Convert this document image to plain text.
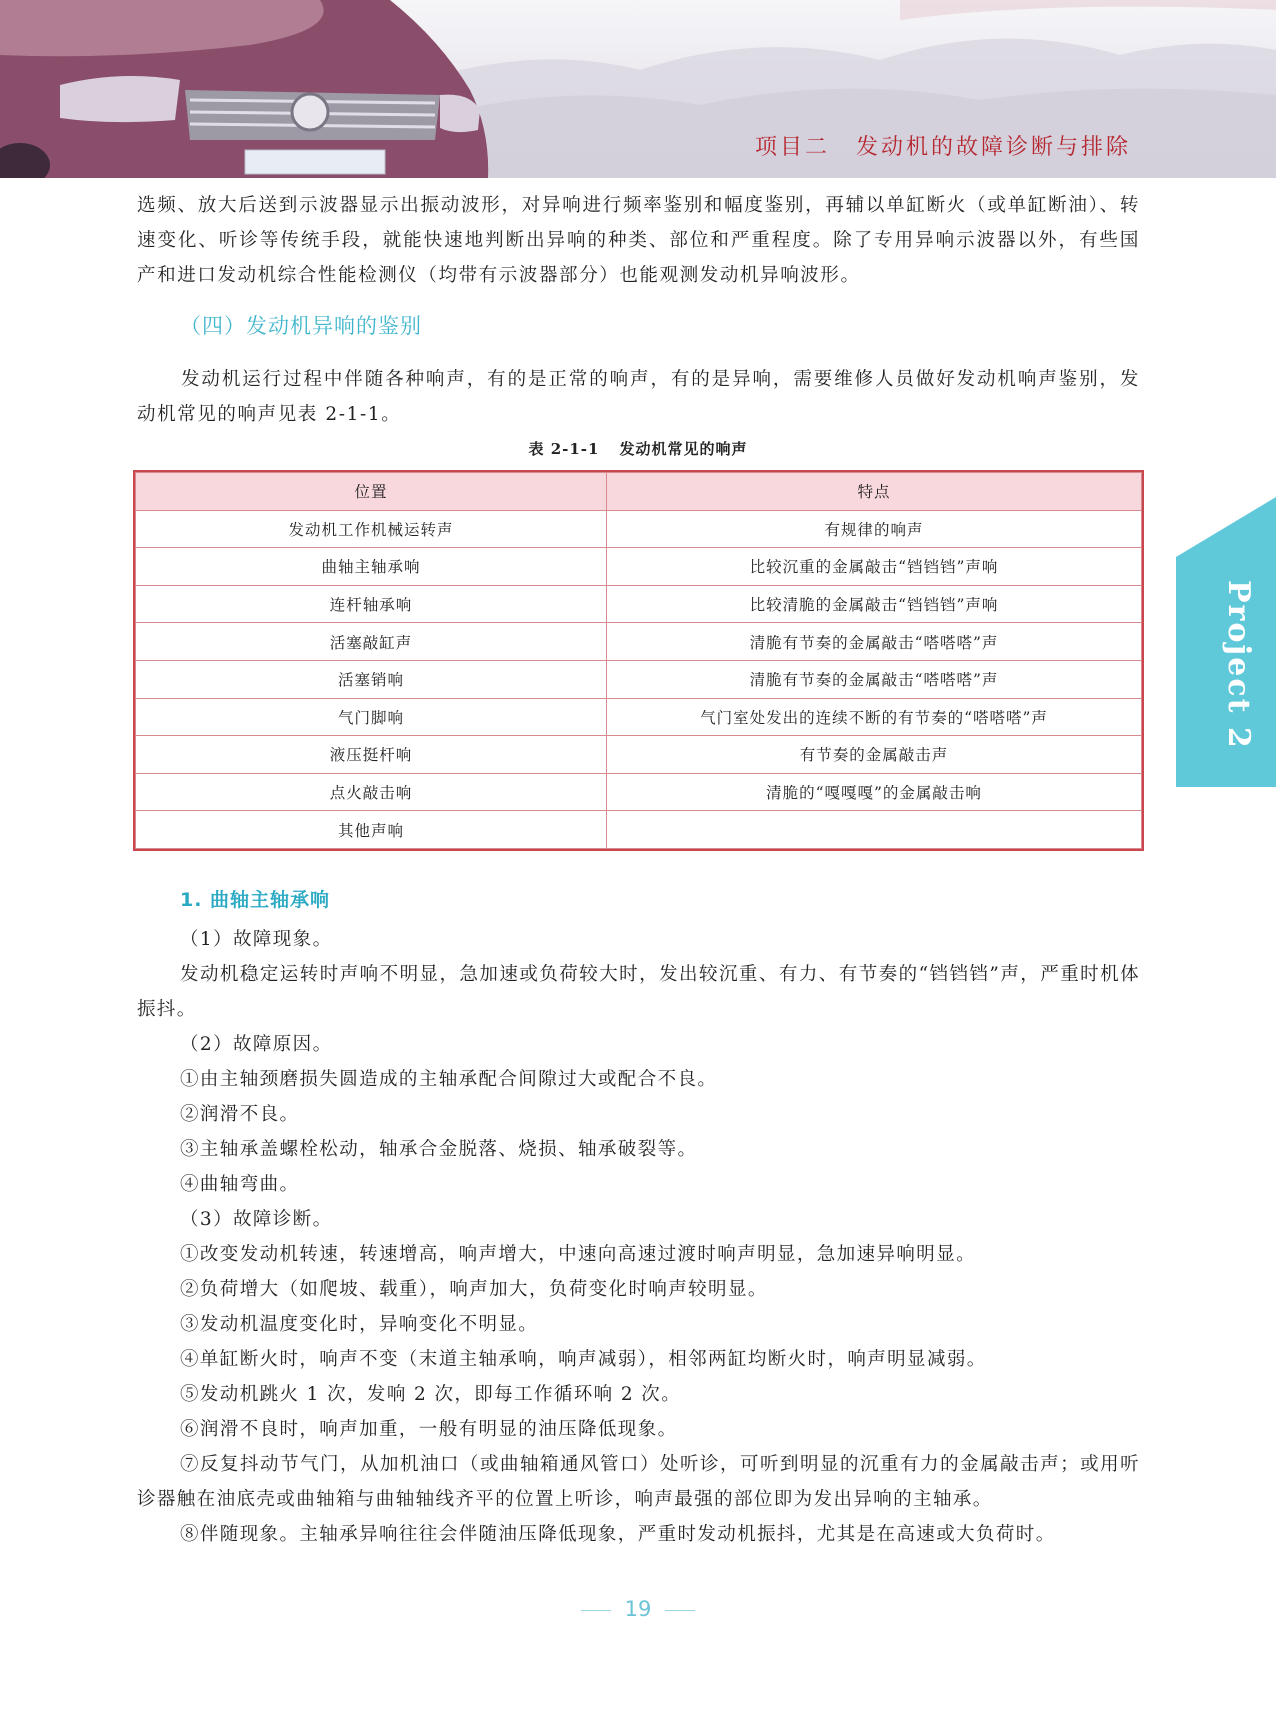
项目二 发动机的故障诊断与排除
Project 2

选频、放大后送到示波器显示出振动波形，对异响进行频率鉴别和幅度鉴别，再辅以单缸断火（或单缸断油）、转速变化、听诊等传统手段，就能快速地判断出异响的种类、部位和严重程度。除了专用异响示波器以外，有些国产和进口发动机综合性能检测仪（均带有示波器部分）也能观测发动机异响波形。

（四）发动机异响的鉴别

发动机运行过程中伴随各种响声，有的是正常的响声，有的是异响，需要维修人员做好发动机响声鉴别，发动机常见的响声见表 2-1-1。

表 2-1-1 发动机常见的响声
位置	特点
发动机工作机械运转声	有规律的响声
曲轴主轴承响	比较沉重的金属敲击“铛铛铛”声响
连杆轴承响	比较清脆的金属敲击“铛铛铛”声响
活塞敲缸声	清脆有节奏的金属敲击“嗒嗒嗒”声
活塞销响	清脆有节奏的金属敲击“嗒嗒嗒”声
气门脚响	气门室处发出的连续不断的有节奏的“嗒嗒嗒”声
液压挺杆响	有节奏的金属敲击声
点火敲击响	清脆的“嘎嘎嘎”的金属敲击响
其他声响	
1. 曲轴主轴承响

（1）故障现象。

发动机稳定运转时声响不明显，急加速或负荷较大时，发出较沉重、有力、有节奏的“铛铛铛”声，严重时机体振抖。

（2）故障原因。

①由主轴颈磨损失圆造成的主轴承配合间隙过大或配合不良。

②润滑不良。

③主轴承盖螺栓松动，轴承合金脱落、烧损、轴承破裂等。

④曲轴弯曲。

（3）故障诊断。

①改变发动机转速，转速增高，响声增大，中速向高速过渡时响声明显，急加速异响明显。

②负荷增大（如爬坡、载重），响声加大，负荷变化时响声较明显。

③发动机温度变化时，异响变化不明显。

④单缸断火时，响声不变（末道主轴承响，响声减弱），相邻两缸均断火时，响声明显减弱。

⑤发动机跳火 1 次，发响 2 次，即每工作循环响 2 次。

⑥润滑不良时，响声加重，一般有明显的油压降低现象。

⑦反复抖动节气门，从加机油口（或曲轴箱通风管口）处听诊，可听到明显的沉重有力的金属敲击声；或用听诊器触在油底壳或曲轴箱与曲轴轴线齐平的位置上听诊，响声最强的部位即为发出异响的主轴承。

⑧伴随现象。主轴承异响往往会伴随油压降低现象，严重时发动机振抖，尤其是在高速或大负荷时。

19
